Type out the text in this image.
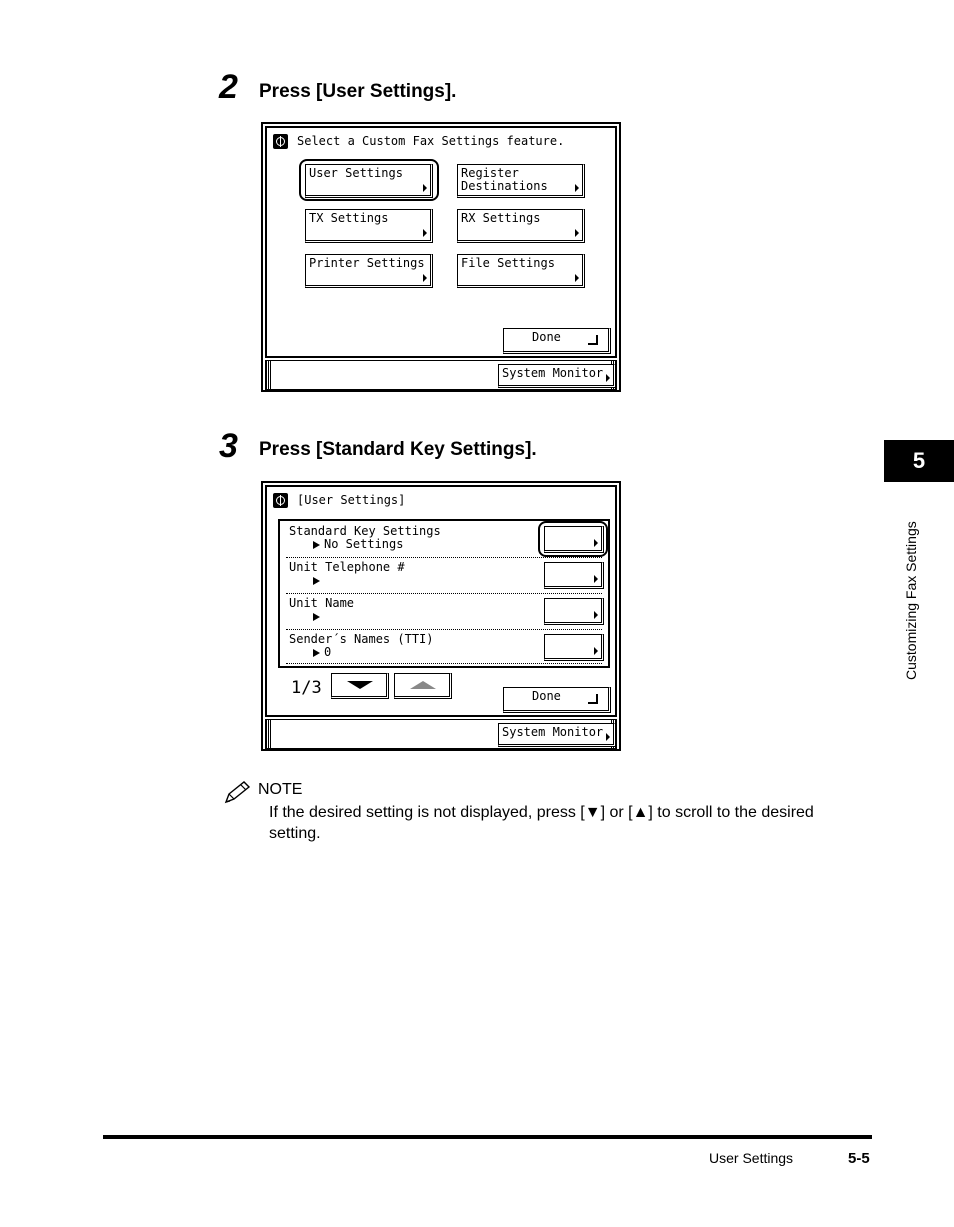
2 Press [User Settings].
Select a Custom Fax Settings feature.
User Settings	Register
Destinations
TX Settings	RX Settings
Printer Settings	File Settings
Done
System Monitor
3 Press [Standard Key Settings].
[User Settings]
Standard Key Settings
No Settings
Unit Telephone #
Unit Name
Sender´s Names (TTI)
0
1/3	Done
System Monitor
NOTE
If the desired setting is not displayed, press [▼] or [▲] to scroll to the desired setting.
5
Customizing Fax Settings
User Settings	5-5
